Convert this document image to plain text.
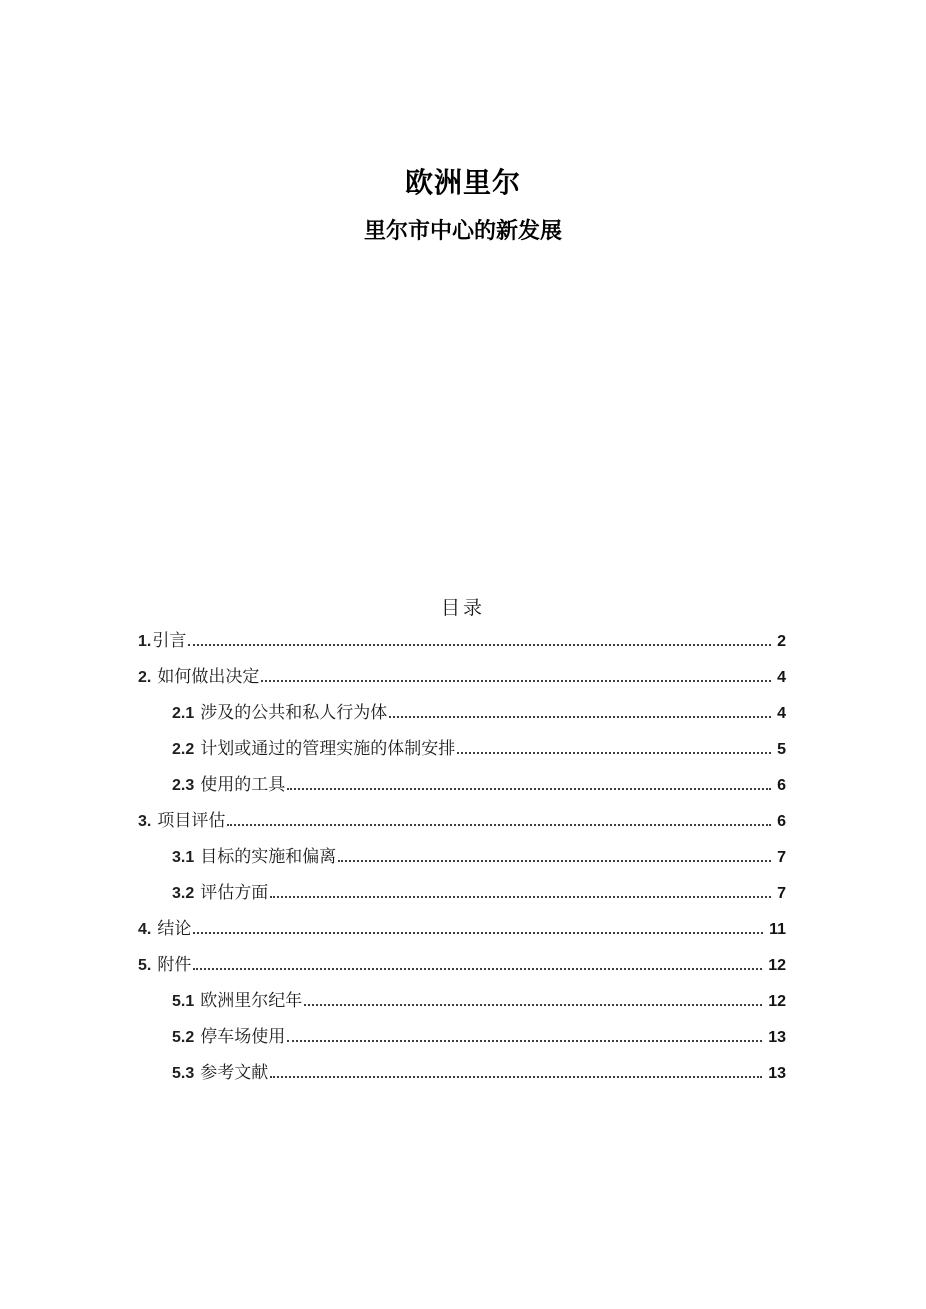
欧洲里尔
里尔市中心的新发展
目录
1. 引言	2
2. 如何做出决定	4
2.1 涉及的公共和私人行为体	4
2.2 计划或通过的管理实施的体制安排	5
2.3 使用的工具	6
3. 项目评估	6
3.1 目标的实施和偏离	7
3.2 评估方面	7
4. 结论	11
5. 附件	12
5.1 欧洲里尔纪年	12
5.2 停车场使用	13
5.3 参考文献	13
